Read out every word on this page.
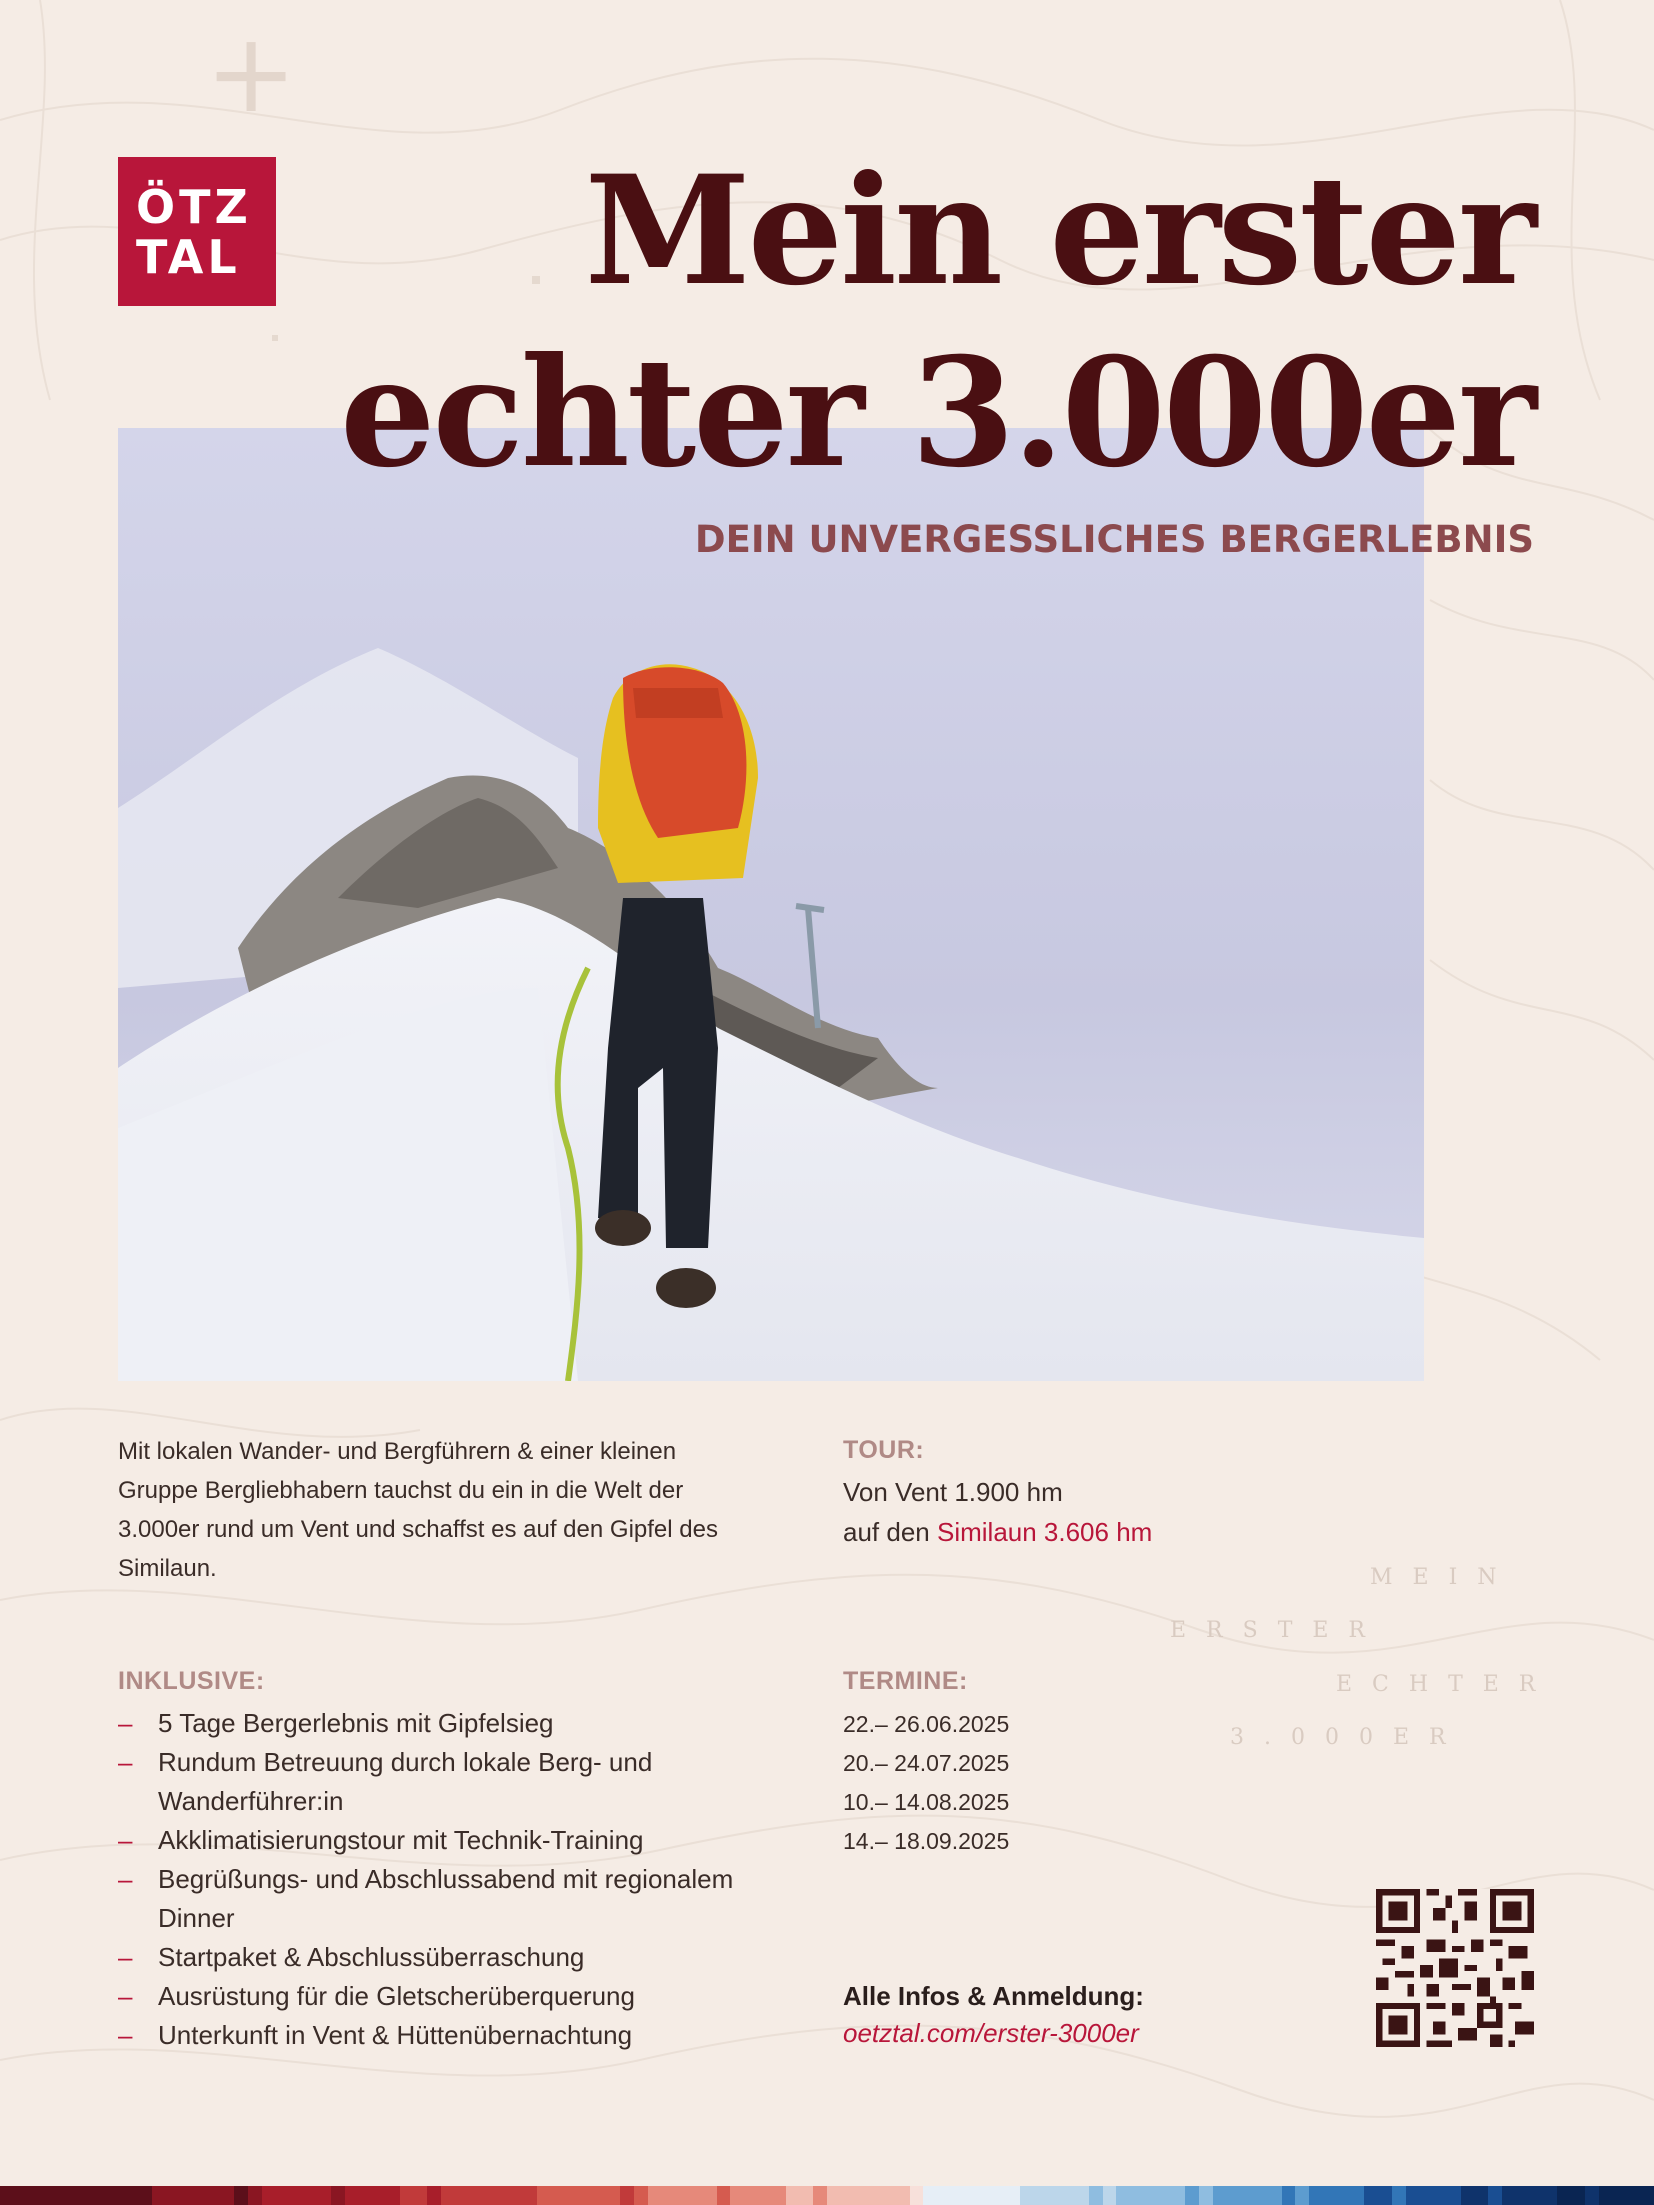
+
ÖTZ
TAL	Mein erster
echter 3.000er

DEIN UNVERGESSLICHES BERGERLEBNIS

Mit lokalen Wander- und Bergführern & einer kleinen Gruppe Bergliebhabern tauchst du ein in die Welt der 3.000er rund um Vent und schaffst es auf den Gipfel des Similaun.

TOUR:
Von Vent 1.900 hm
auf den Similaun 3.606 hm
MEIN
ERSTER
ECHTER
3.000ER
INKLUSIVE:
– 5 Tage Bergerlebnis mit Gipfelsieg
– Rundum Betreuung durch lokale Berg- und Wanderführer:in
– Akklimatisierungstour mit Technik-Training
– Begrüßungs- und Abschlussabend mit regionalem Dinner
– Startpaket & Abschlussüberraschung
– Ausrüstung für die Gletscherüberquerung
– Unterkunft in Vent & Hüttenübernachtung
TERMINE:
22.– 26.06.2025
20.– 24.07.2025
10.– 14.08.2025
14.– 18.09.2025
Alle Infos & Anmeldung:
oetztal.com/erster-3000er
